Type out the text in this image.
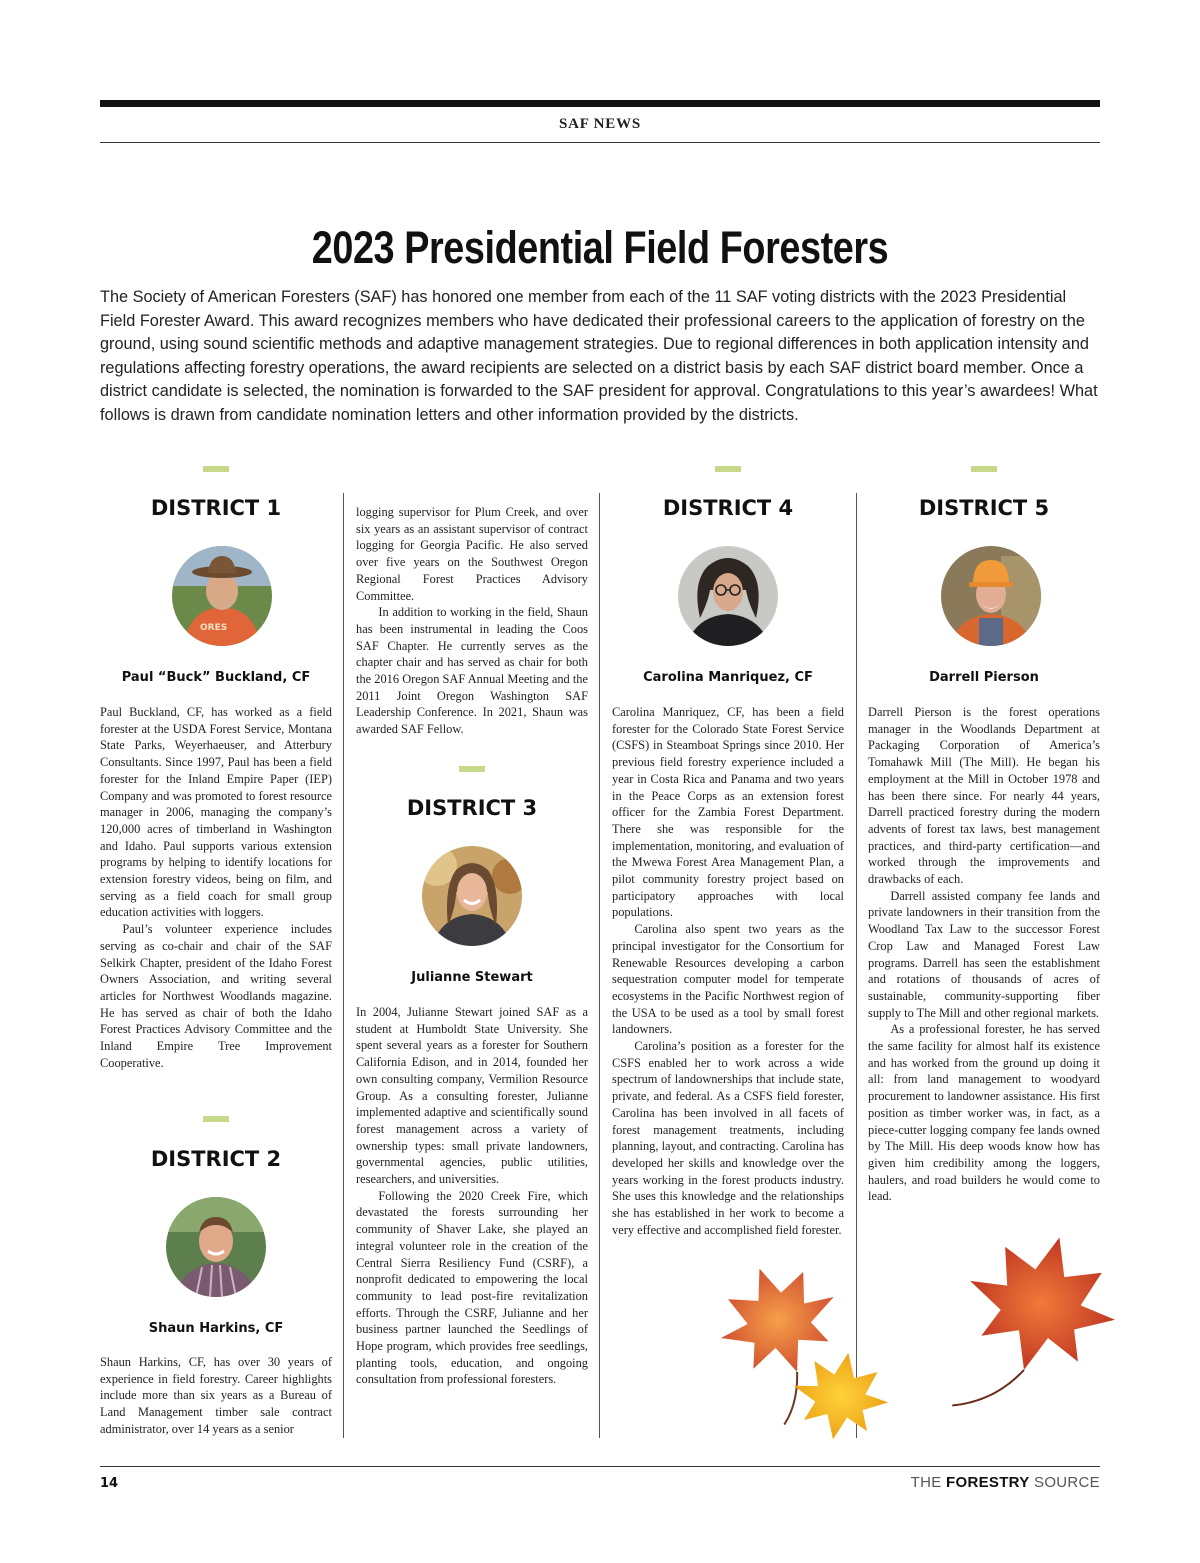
SAF NEWS
2023 Presidential Field Foresters
The Society of American Foresters (SAF) has honored one member from each of the 11 SAF voting districts with the 2023 Presidential Field Forester Award. This award recognizes members who have dedicated their professional careers to the application of forestry on the ground, using sound scientific methods and adaptive management strategies. Due to regional differences in both application intensity and regulations affecting forestry operations, the award recipients are selected on a district basis by each SAF district board member. Once a district candidate is selected, the nomination is forwarded to the SAF president for approval. Congratulations to this year’s awardees! What follows is drawn from candidate nomination letters and other information provided by the districts.
DISTRICT 1
ORES
Paul “Buck” Buckland, CF

Paul Buckland, CF, has worked as a field forester at the USDA Forest Service, Montana State Parks, Weyerhaeuser, and Atterbury Consultants. Since 1997, Paul has been a field forester for the Inland Empire Paper (IEP) Company and was promoted to forest resource manager in 2006, managing the company’s 120,000 acres of timberland in Washington and Idaho. Paul supports various extension programs by helping to identify locations for extension forestry videos, being on film, and serving as a field coach for small group education activities with loggers.

Paul’s volunteer experience includes serving as co-chair and chair of the SAF Selkirk Chapter, president of the Idaho Forest Owners Association, and writing several articles for Northwest Woodlands magazine. He has served as chair of both the Idaho Forest Practices Advisory Committee and the Inland Empire Tree Improvement Cooperative.

DISTRICT 2
Shaun Harkins, CF

Shaun Harkins, CF, has over 30 years of experience in field forestry. Career highlights include more than six years as a Bureau of Land Management timber sale contract administrator, over 14 years as a senior

logging supervisor for Plum Creek, and over six years as an assistant supervisor of contract logging for Georgia Pacific. He also served over five years on the Southwest Oregon Regional Forest Practices Advisory Committee.

In addition to working in the field, Shaun has been instrumental in leading the Coos SAF Chapter. He currently serves as the chapter chair and has served as chair for both the 2016 Oregon SAF Annual Meeting and the 2011 Joint Oregon Washington SAF Leadership Conference. In 2021, Shaun was awarded SAF Fellow.

DISTRICT 3
Julianne Stewart

In 2004, Julianne Stewart joined SAF as a student at Humboldt State University. She spent several years as a forester for Southern California Edison, and in 2014, founded her own consulting company, Vermilion Resource Group. As a consulting forester, Julianne implemented adaptive and scientifically sound forest management across a variety of ownership types: small private landowners, governmental agencies, public utilities, researchers, and universities.

Following the 2020 Creek Fire, which devastated the forests surrounding her community of Shaver Lake, she played an integral volunteer role in the creation of the Central Sierra Resiliency Fund (CSRF), a nonprofit dedicated to empowering the local community to lead post-fire revitalization efforts. Through the CSRF, Julianne and her business partner launched the Seedlings of Hope program, which provides free seedlings, planting tools, education, and ongoing consultation from professional foresters.

DISTRICT 4
Carolina Manriquez, CF

Carolina Manriquez, CF, has been a field forester for the Colorado State Forest Service (CSFS) in Steamboat Springs since 2010. Her previous field forestry experience included a year in Costa Rica and Panama and two years in the Peace Corps as an extension forest officer for the Zambia Forest Department. There she was responsible for the implementation, monitoring, and evaluation of the Mwewa Forest Area Management Plan, a pilot community forestry project based on participatory approaches with local populations.

Carolina also spent two years as the principal investigator for the Consortium for Renewable Resources developing a carbon sequestration computer model for temperate ecosystems in the Pacific Northwest region of the USA to be used as a tool by small forest landowners.

Carolina’s position as a forester for the CSFS enabled her to work across a wide spectrum of landownerships that include state, private, and federal. As a CSFS field forester, Carolina has been involved in all facets of forest management treatments, including planning, layout, and contracting. Carolina has developed her skills and knowledge over the years working in the forest products industry. She uses this knowledge and the relationships she has established in her work to become a very effective and accomplished field forester.

DISTRICT 5
Darrell Pierson

Darrell Pierson is the forest operations manager in the Woodlands Department at Packaging Corporation of America’s Tomahawk Mill (The Mill). He began his employment at the Mill in October 1978 and has been there since. For nearly 44 years, Darrell practiced forestry during the modern advents of forest tax laws, best management practices, and third-party certification—and worked through the improvements and drawbacks of each.

Darrell assisted company fee lands and private landowners in their transition from the Woodland Tax Law to the successor Forest Crop Law and Managed Forest Law programs. Darrell has seen the establishment and rotations of thousands of acres of sustainable, community-supporting fiber supply to The Mill and other regional markets.

As a professional forester, he has served the same facility for almost half its existence and has worked from the ground up doing it all: from land management to woodyard procurement to landowner assistance. His first position as timber worker was, in fact, as a piece-cutter logging company fee lands owned by The Mill. His deep woods know how has given him credibility among the loggers, haulers, and road builders he would come to lead.

14	THE FORESTRY SOURCE
